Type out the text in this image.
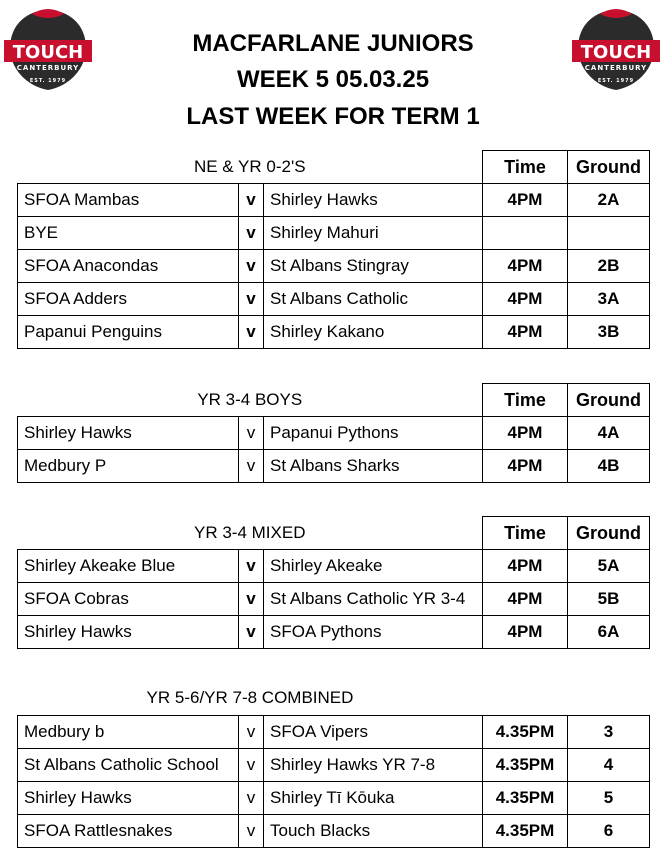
TOUCH
CANTERBURY
EST. 1979
TOUCH
CANTERBURY
EST. 1979
MACFARLANE JUNIORS
WEEK 5 05.03.25
LAST WEEK FOR TERM 1
NE & YR 0-2'S			Time	Ground
SFOA Mambas	v	Shirley Hawks	4PM	2A
BYE	v	Shirley Mahuri		
SFOA Anacondas	v	St Albans Stingray	4PM	2B
SFOA Adders	v	St Albans Catholic	4PM	3A
Papanui Penguins	v	Shirley Kakano	4PM	3B
YR 3-4 BOYS			Time	Ground
Shirley Hawks	v	Papanui Pythons	4PM	4A
Medbury P	v	St Albans Sharks	4PM	4B
YR 3-4 MIXED			Time	Ground
Shirley Akeake Blue	v	Shirley Akeake	4PM	5A
SFOA Cobras	v	St Albans Catholic YR 3-4	4PM	5B
Shirley Hawks	v	SFOA Pythons	4PM	6A
YR 5-6/YR 7-8 COMBINED
Medbury b	v	SFOA Vipers	4.35PM	3
St Albans Catholic School	v	Shirley Hawks YR 7-8	4.35PM	4
Shirley Hawks	v	Shirley Tī Kōuka	4.35PM	5
SFOA Rattlesnakes	v	Touch Blacks	4.35PM	6
